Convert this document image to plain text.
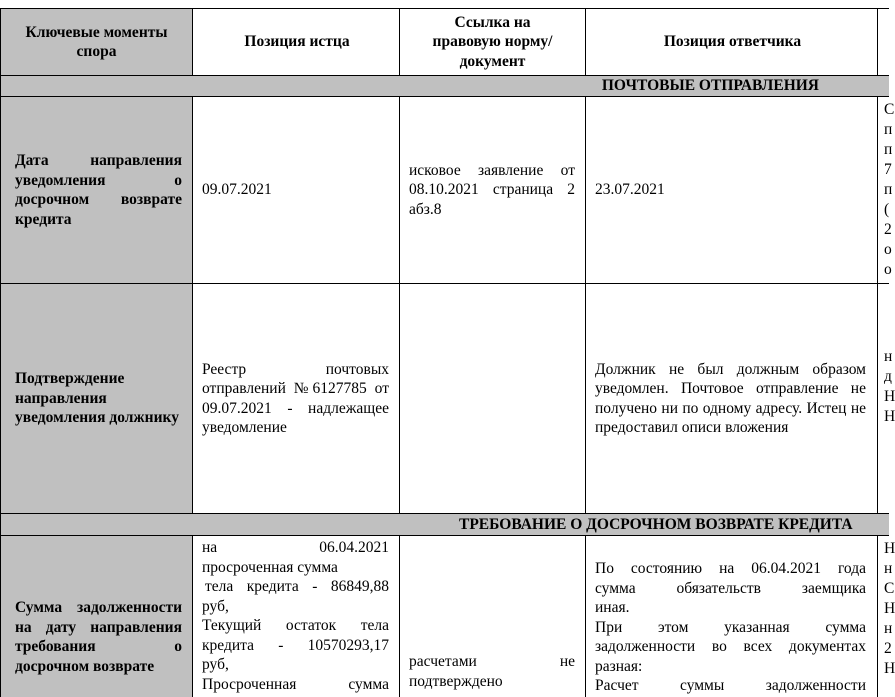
Ключевые моменты спора
Позиция истца
Ссылка на правовую норму/документ
Позиция ответчика
ПОЧТОВЫЕ ОТПРАВЛЕНИЯ
Дата направления уведомления о досрочном возврате кредита
09.07.2021
исковое заявление от 08.10.2021 страница 2 абз.8
23.07.2021
С
п
п
7
п
(
2
о
о
Подтверждение направления уведомления должнику
Реестр почтовых отправлений №6127785 от 09.07.2021 - надлежащее уведомление
Должник не был должным образом уведомлен. Почтовое отправление не получено ни по одному адресу. Истец не предоставил описи вложения
н
д
Н
Н
ТРЕБОВАНИЕ О ДОСРОЧНОМ ВОЗВРАТЕ КРЕДИТА
Сумма задолженности на дату направления требования о досрочном возврате
на 06.04.2021
просроченная сумма
тела кредита - 86849,88
руб,
Текущий остаток тела
кредита - 10570293,17
руб,
Просроченная сумма
расчетами не подтверждено
По состоянию на 06.04.2021 года
сумма обязательств заемщика
иная.
При этом указанная сумма
задолженности во всех документах
разная:
Расчет суммы задолженности
Н
н
С
Н
н
2
Н
